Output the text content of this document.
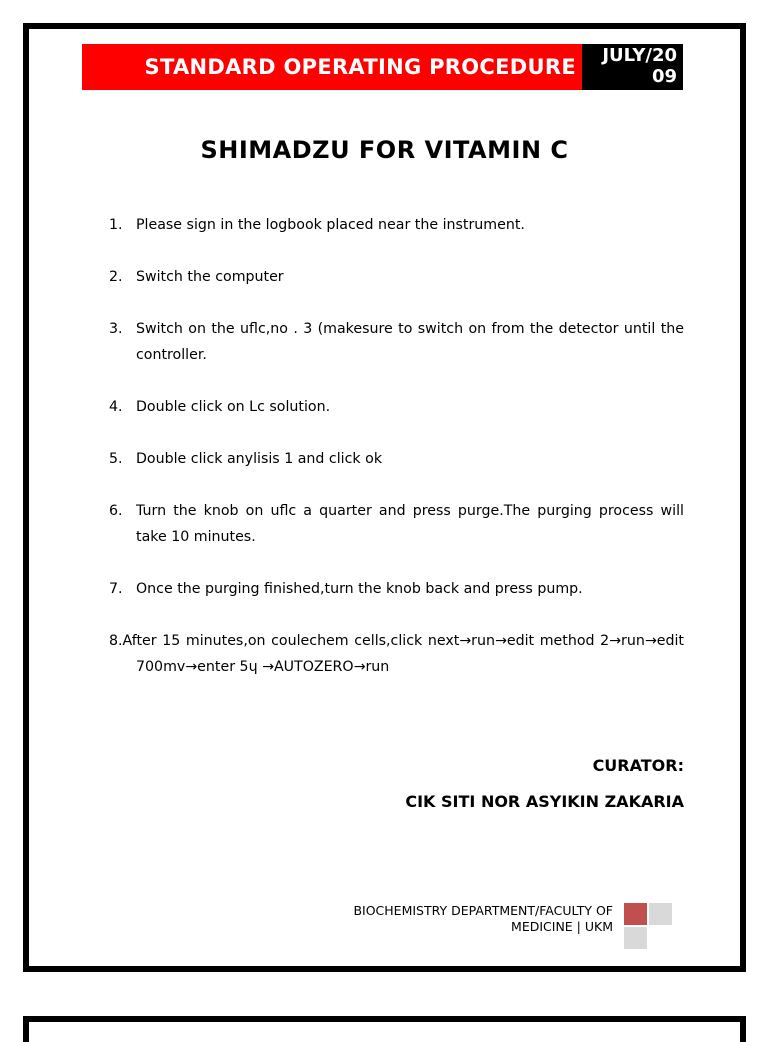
STANDARD OPERATING PROCEDURE	JULY/20
09
SHIMADZU FOR VITAMIN C
1. Please sign in the logbook placed near the instrument.
2. Switch the computer
3. Switch on the uflc,no . 3 (makesure to switch on from the detector until the controller.
4. Double click on Lc solution.
5. Double click anylisis 1 and click ok
6. Turn the knob on uflc a quarter and press purge.The purging process will take 10 minutes.
7. Once the purging finished,turn the knob back and press pump.
8.After 15 minutes,on coulechem cells,click next→run→edit method 2→run→edit 700mv→enter 5ɥ →AUTOZERO→run
CURATOR:
CIK SITI NOR ASYIKIN ZAKARIA
BIOCHEMISTRY DEPARTMENT/FACULTY OF
MEDICINE | UKM
